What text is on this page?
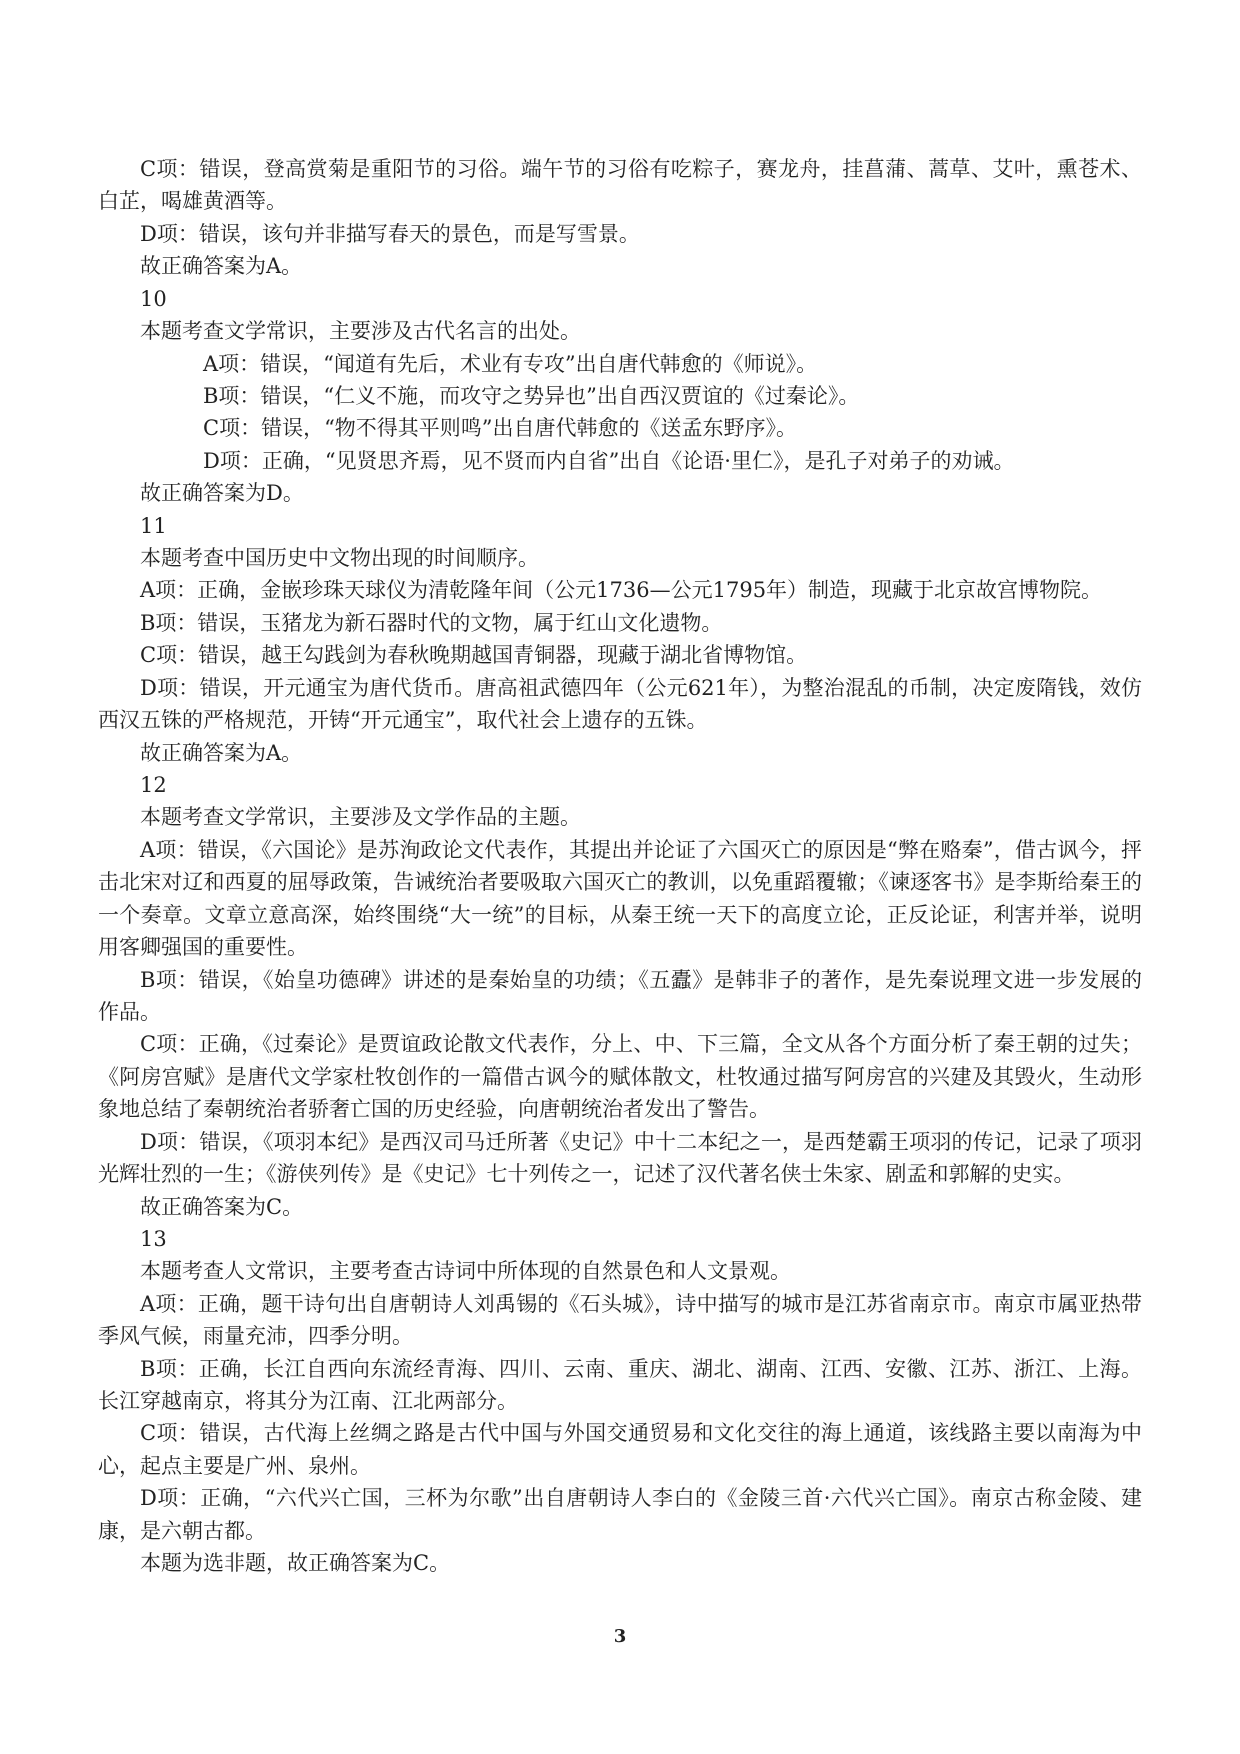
C项：错误，登高赏菊是重阳节的习俗。端午节的习俗有吃粽子，赛龙舟，挂菖蒲、蒿草、艾叶，熏苍术、白芷，喝雄黄酒等。

D项：错误，该句并非描写春天的景色，而是写雪景。

故正确答案为A。

10

本题考查文学常识，主要涉及古代名言的出处。

A项：错误，“闻道有先后，术业有专攻”出自唐代韩愈的《师说》。

B项：错误，“仁义不施，而攻守之势异也”出自西汉贾谊的《过秦论》。

C项：错误，“物不得其平则鸣”出自唐代韩愈的《送孟东野序》。

D项：正确，“见贤思齐焉，见不贤而内自省”出自《论语·里仁》，是孔子对弟子的劝诫。

故正确答案为D。

11

本题考查中国历史中文物出现的时间顺序。

A项：正确，金嵌珍珠天球仪为清乾隆年间（公元1736—公元1795年）制造，现藏于北京故宫博物院。

B项：错误，玉猪龙为新石器时代的文物，属于红山文化遗物。

C项：错误，越王勾践剑为春秋晚期越国青铜器，现藏于湖北省博物馆。

D项：错误，开元通宝为唐代货币。唐高祖武德四年（公元621年），为整治混乱的币制，决定废隋钱，效仿西汉五铢的严格规范，开铸“开元通宝”，取代社会上遗存的五铢。

故正确答案为A。

12

本题考查文学常识，主要涉及文学作品的主题。

A项：错误，《六国论》是苏洵政论文代表作，其提出并论证了六国灭亡的原因是“弊在赂秦”，借古讽今，抨击北宋对辽和西夏的屈辱政策，告诫统治者要吸取六国灭亡的教训，以免重蹈覆辙；《谏逐客书》是李斯给秦王的一个奏章。文章立意高深，始终围绕“大一统”的目标，从秦王统一天下的高度立论，正反论证，利害并举，说明用客卿强国的重要性。

B项：错误，《始皇功德碑》讲述的是秦始皇的功绩；《五蠹》是韩非子的著作，是先秦说理文进一步发展的作品。

C项：正确，《过秦论》是贾谊政论散文代表作，分上、中、下三篇，全文从各个方面分析了秦王朝的过失；《阿房宫赋》是唐代文学家杜牧创作的一篇借古讽今的赋体散文，杜牧通过描写阿房宫的兴建及其毁火，生动形象地总结了秦朝统治者骄奢亡国的历史经验，向唐朝统治者发出了警告。

D项：错误，《项羽本纪》是西汉司马迁所著《史记》中十二本纪之一，是西楚霸王项羽的传记，记录了项羽光辉壮烈的一生；《游侠列传》是《史记》七十列传之一，记述了汉代著名侠士朱家、剧孟和郭解的史实。

故正确答案为C。

13

本题考查人文常识，主要考查古诗词中所体现的自然景色和人文景观。

A项：正确，题干诗句出自唐朝诗人刘禹锡的《石头城》，诗中描写的城市是江苏省南京市。南京市属亚热带季风气候，雨量充沛，四季分明。

B项：正确，长江自西向东流经青海、四川、云南、重庆、湖北、湖南、江西、安徽、江苏、浙江、上海。长江穿越南京，将其分为江南、江北两部分。

C项：错误，古代海上丝绸之路是古代中国与外国交通贸易和文化交往的海上通道，该线路主要以南海为中心，起点主要是广州、泉州。

D项：正确，“六代兴亡国，三杯为尔歌”出自唐朝诗人李白的《金陵三首·六代兴亡国》。南京古称金陵、建康，是六朝古都。

本题为选非题，故正确答案为C。

3
